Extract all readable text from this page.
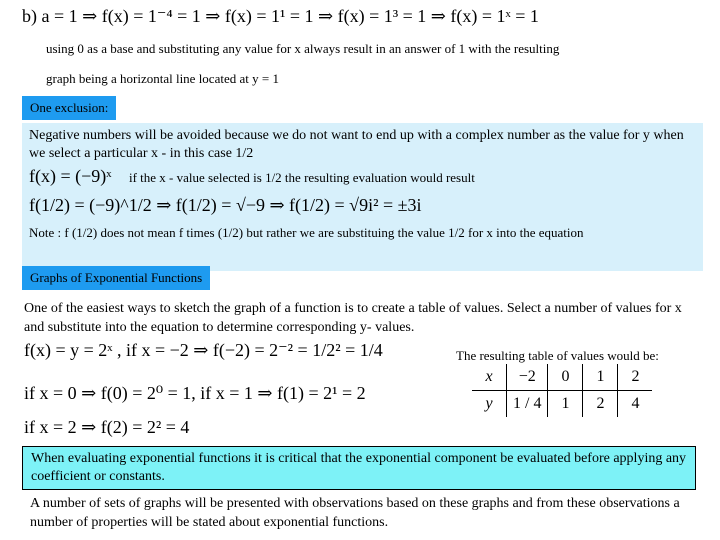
b) a = 1 ⇒ f(x) = 1⁻⁴ = 1 ⇒ f(x) = 1¹ = 1 ⇒ f(x) = 1³ = 1 ⇒ f(x) = 1ˣ = 1
using 0 as a base and substituting any value for x always result in an answer of 1 with the resulting
graph being a horizontal line located at y = 1
One exclusion:
Negative numbers will be avoided because we do not want to end up with a complex number as the value for y when we select a particular x - in this case 1/2
f(x) = (−9)ˣ if the x - value selected is 1/2 the resulting evaluation would result
f(1/2) = (−9)^1/2 ⇒ f(1/2) = √−9 ⇒ f(1/2) = √9i² = ±3i
Note : f (1/2) does not mean f times (1/2) but rather we are substituing the value 1/2 for x into the equation
Graphs of Exponential Functions
One of the easiest ways to sketch the graph of a function is to create a table of values. Select a number of values for x and substitute into the equation to determine corresponding y- values.
f(x) = y = 2ˣ , if x = −2 ⇒ f(−2) = 2⁻² = 1/2² = 1/4
if x = 0 ⇒ f(0) = 2⁰ = 1, if x = 1 ⇒ f(1) = 2¹ = 2
if x = 2 ⇒ f(2) = 2² = 4
The resulting table of values would be:
x	−2	0	1	2
y	1 / 4	1	2	4
When evaluating exponential functions it is critical that the exponential component be evaluated before applying any coefficient or constants.
A number of sets of graphs will be presented with observations based on these graphs and from these observations a number of properties will be stated about exponential functions.
